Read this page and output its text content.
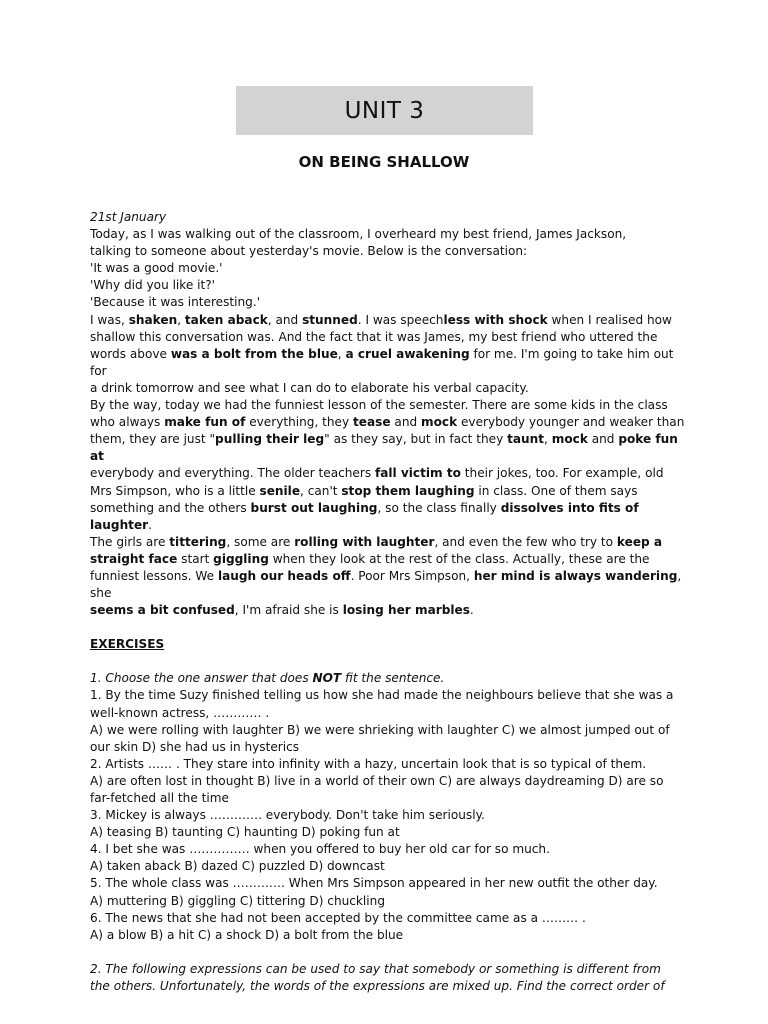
UNIT 3
ON BEING SHALLOW

21st January

Today, as I was walking out of the classroom, I overheard my best friend, James Jackson,

talking to someone about yesterday's movie. Below is the conversation:

'It was a good movie.'

'Why did you like it?'

'Because it was interesting.'

I was, shaken, taken aback, and stunned. I was speechless with shock when I realised how

shallow this conversation was. And the fact that it was James, my best friend who uttered the

words above was a bolt from the blue, a cruel awakening for me. I'm going to take him out for

a drink tomorrow and see what I can do to elaborate his verbal capacity.

By the way, today we had the funniest lesson of the semester. There are some kids in the class

who always make fun of everything, they tease and mock everybody younger and weaker than

them, they are just "pulling their leg" as they say, but in fact they taunt, mock and poke fun at

everybody and everything. The older teachers fall victim to their jokes, too. For example, old

Mrs Simpson, who is a little senile, can't stop them laughing in class. One of them says

something and the others burst out laughing, so the class finally dissolves into fits of laughter.

The girls are tittering, some are rolling with laughter, and even the few who try to keep a

straight face start giggling when they look at the rest of the class. Actually, these are the

funniest lessons. We laugh our heads off. Poor Mrs Simpson, her mind is always wandering, she

seems a bit confused, I'm afraid she is losing her marbles.

EXERCISES

1. Choose the one answer that does NOT fit the sentence.

1. By the time Suzy finished telling us how she had made the neighbours believe that she was a

well-known actress, ………… .

A) we were rolling with laughter B) we were shrieking with laughter C) we almost jumped out of

our skin D) she had us in hysterics

2. Artists …… . They stare into infinity with a hazy, uncertain look that is so typical of them.

A) are often lost in thought B) live in a world of their own C) are always daydreaming D) are so

far-fetched all the time

3. Mickey is always …………. everybody. Don't take him seriously.

A) teasing B) taunting C) haunting D) poking fun at

4. I bet she was …………… when you offered to buy her old car for so much.

A) taken aback B) dazed C) puzzled D) downcast

5. The whole class was …………. When Mrs Simpson appeared in her new outfit the other day.

A) muttering B) giggling C) tittering D) chuckling

6. The news that she had not been accepted by the committee came as a ……… .

A) a blow B) a hit C) a shock D) a bolt from the blue

2. The following expressions can be used to say that somebody or something is different from

the others. Unfortunately, the words of the expressions are mixed up. Find the correct order of
